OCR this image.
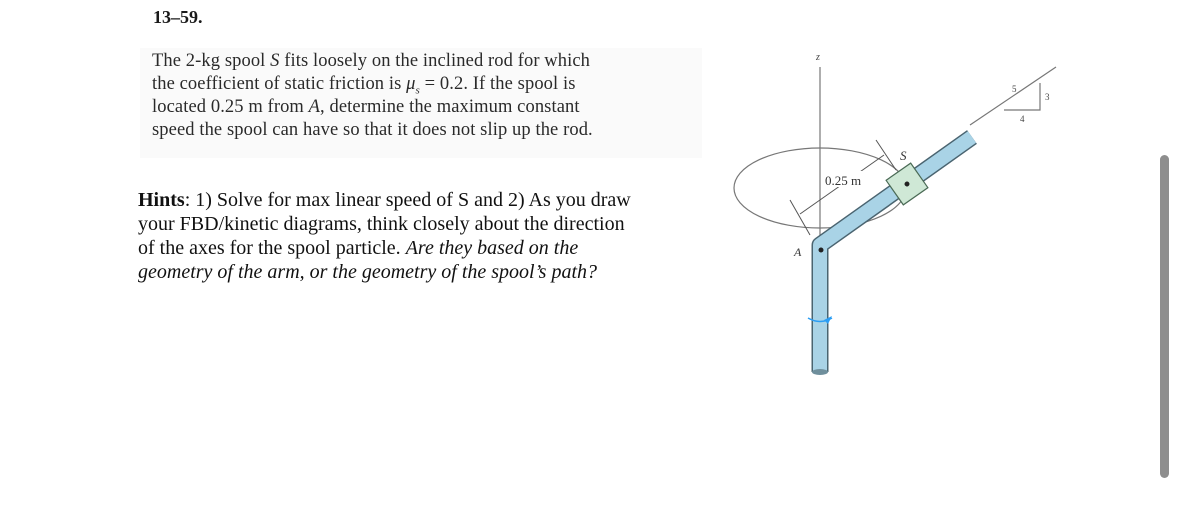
13–59.
The 2-kg spool S fits loosely on the inclined rod for which
the coefficient of static friction is $\mu_s = 0.2$. If the spool is
located 0.25 m from A, determine the maximum constant
speed the spool can have so that it does not slip up the rod.
Hints: 1) Solve for max linear speed of S and 2) As you draw
your FBD/kinetic diagrams, think closely about the direction
of the axes for the spool particle. Are they based on the
geometry of the arm, or the geometry of the spool’s path?
z
5
3
4
0.25 m
S
A
